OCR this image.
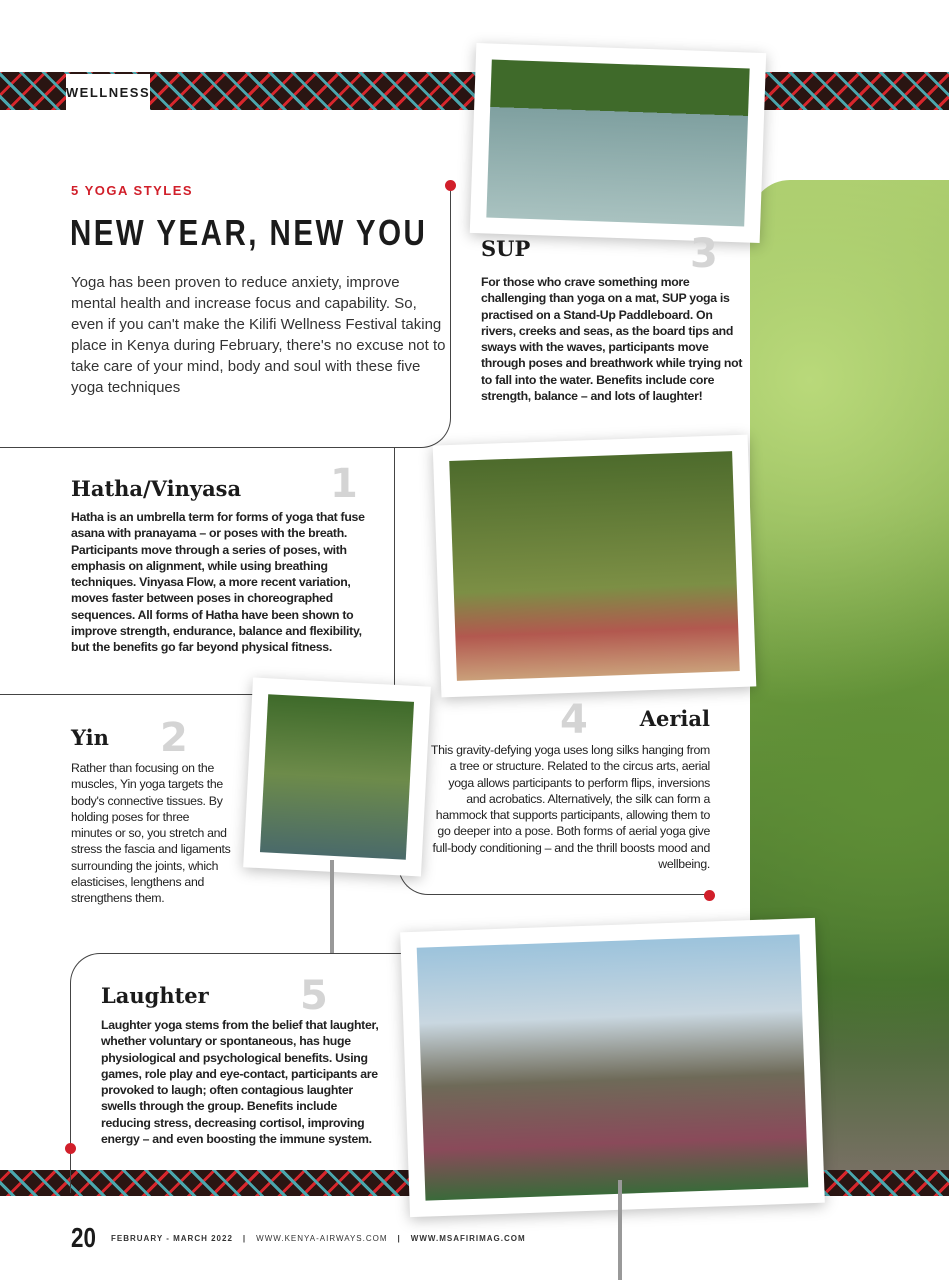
WELLNESS
5 YOGA STYLES
NEW YEAR, NEW YOU
Yoga has been proven to reduce anxiety, improve mental health and increase focus and capability. So, even if you can't make the Kilifi Wellness Festival taking place in Kenya during February, there's no excuse not to take care of your mind, body and soul with these five yoga techniques
SUP	3
For those who crave something more challenging than yoga on a mat, SUP yoga is practised on a Stand-Up Paddleboard. On rivers, creeks and seas, as the board tips and sways with the waves, participants move through poses and breathwork while trying not to fall into the water. Benefits include core strength, balance – and lots of laughter!
Hatha/Vinyasa 1
Hatha is an umbrella term for forms of yoga that fuse asana with pranayama – or poses with the breath. Participants move through a series of poses, with emphasis on alignment, while using breathing techniques. Vinyasa Flow, a more recent variation, moves faster between poses in choreographed sequences. All forms of Hatha have been shown to improve strength, endurance, balance and flexibility, but the benefits go far beyond physical fitness.
Yin 2
Rather than focusing on the muscles, Yin yoga targets the body's connective tissues. By holding poses for three minutes or so, you stretch and stress the fascia and ligaments surrounding the joints, which elasticises, lengthens and strengthens them.
Aerial
4
This gravity-defying yoga uses long silks hanging from a tree or structure. Related to the circus arts, aerial yoga allows participants to perform flips, inversions and acrobatics. Alternatively, the silk can form a hammock that supports participants, allowing them to go deeper into a pose. Both forms of aerial yoga give full-body conditioning – and the thrill boosts mood and wellbeing.
Laughter 5
Laughter yoga stems from the belief that laughter, whether voluntary or spontaneous, has huge physiological and psychological benefits. Using games, role play and eye-contact, participants are provoked to laugh; often contagious laughter swells through the group. Benefits include reducing stress, decreasing cortisol, improving energy – and even boosting the immune system.
20 FEBRUARY - MARCH 2022 | WWW.KENYA-AIRWAYS.COM | WWW.MSAFIRIMAG.COM
